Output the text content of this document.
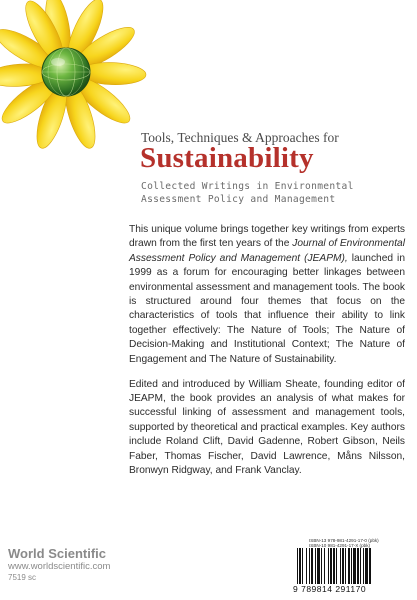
Tools, Techniques & Approaches for

Sustainability
Collected Writings in Environmental
Assessment Policy and Management

This unique volume brings together key writings from experts drawn from the first ten years of the Journal of Environmental Assessment Policy and Management (JEAPM), launched in 1999 as a forum for encouraging better linkages between environmental assessment and management tools. The book is structured around four themes that focus on the characteristics of tools that influence their ability to link together effectively: The Nature of Tools; The Nature of Decision-Making and Institutional Context; The Nature of Engagement and The Nature of Sustainability.

Edited and introduced by William Sheate, founding editor of JEAPM, the book provides an analysis of what makes for successful linking of assessment and management tools, supported by theoretical and practical examples. Key authors include Roland Clift, David Gadenne, Robert Gibson, Neils Faber, Thomas Fischer, David Lawrence, Måns Nilsson, Bronwyn Ridgway, and Frank Vanclay.

World Scientific

www.worldscientific.com

7519 sc

ISBN-13 978-981-4291-17-0 (pbk)

ISBN-10 981-4291-17-X (pbk)

9 789814 291170
